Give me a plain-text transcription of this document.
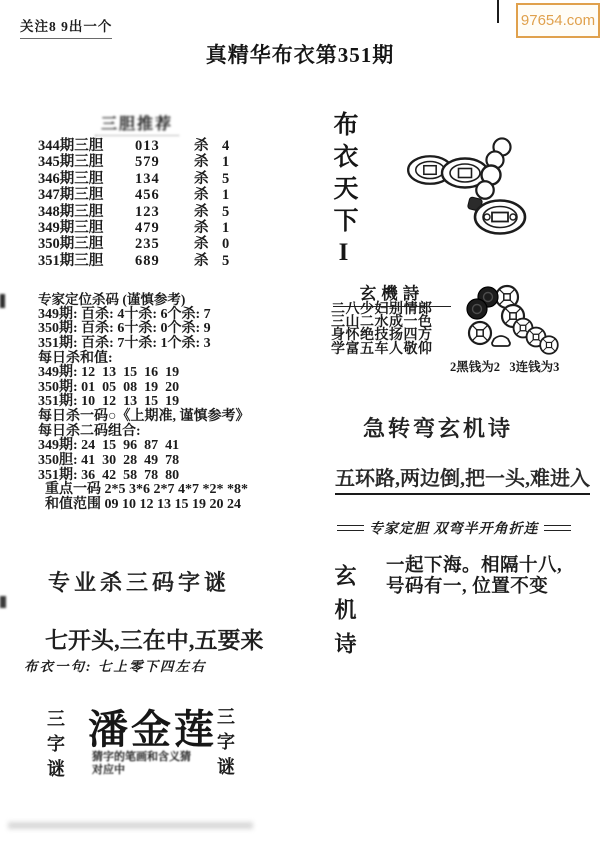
关注8 9出一个	97654.com
真精华布衣第351期
三胆推荐
344期三胆	013	杀 4
345期三胆	579	杀 1
346期三胆	134	杀 5
347期三胆	456	杀 1
348期三胆	123	杀 5
349期三胆	479	杀 1
350期三胆	235	杀 0
351期三胆	689	杀 5
专家定位杀码 (谨慎参考)
349期: 百杀: 4十杀: 6个杀: 7
350期: 百杀: 6十杀: 0个杀: 9
351期: 百杀: 7十杀: 1个杀: 3
每日杀和值:
349期: 12  13  15  16  19
350期: 01  05  08  19  20
351期: 10  12  13  15  19
每日杀一码○《上期准, 谨慎参考》
每日杀二码组合:
349期: 24  15  96  87  41
350胆: 41  30  28  49  78
351期: 36  42  58  78  80
重点一码 2*5 3*6 2*7 4*7 *2* *8*
和值范围 09 10 12 13 15 19 20 24
布衣天下I
玄機詩
二八少妇别情郎
三山二水成一色
身怀绝技扬四方
学富五车人敬仰
2黑钱为2   3连钱为3
急转弯玄机诗
五环路,两边倒,把一头,难进入
专家定胆 双弯半开角折连
玄机诗 一起下海。相隔十八,
号码有一, 位置不变
专业杀三码字谜
七开头,三在中,五要来
布衣一句: 七上零下四左右
三字谜 潘金莲
猜字的笔画和含义猜
对应中	三字谜
